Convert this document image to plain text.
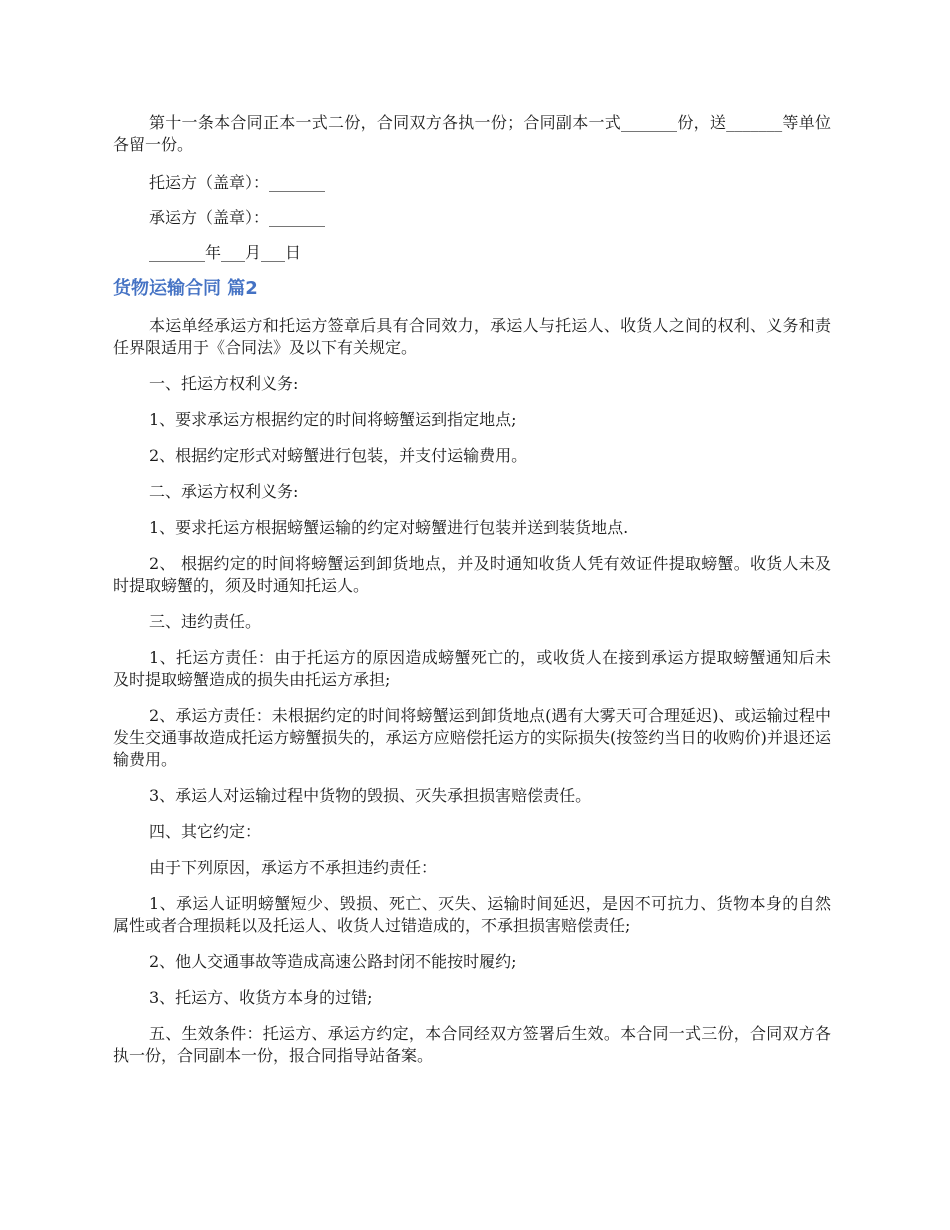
第十一条本合同正本一式二份，合同双方各执一份；合同副本一式_______份，送_______等单位各留一份。

托运方（盖章）：_______

承运方（盖章）：_______

_______年___月___日

货物运输合同 篇2

本运单经承运方和托运方签章后具有合同效力，承运人与托运人、收货人之间的权利、义务和责任界限适用于《合同法》及以下有关规定。

一、托运方权利义务:

1、要求承运方根据约定的时间将螃蟹运到指定地点;

2、根据约定形式对螃蟹进行包装，并支付运输费用。

二、承运方权利义务:

1、要求托运方根据螃蟹运输的约定对螃蟹进行包装并送到装货地点.

2、 根据约定的时间将螃蟹运到卸货地点，并及时通知收货人凭有效证件提取螃蟹。收货人未及时提取螃蟹的，须及时通知托运人。

三、违约责任。

1、托运方责任：由于托运方的原因造成螃蟹死亡的，或收货人在接到承运方提取螃蟹通知后未及时提取螃蟹造成的损失由托运方承担;

2、承运方责任：未根据约定的时间将螃蟹运到卸货地点(遇有大雾天可合理延迟)、或运输过程中发生交通事故造成托运方螃蟹损失的，承运方应赔偿托运方的实际损失(按签约当日的收购价)并退还运输费用。

3、承运人对运输过程中货物的毁损、灭失承担损害赔偿责任。

四、其它约定：

由于下列原因，承运方不承担违约责任：

1、承运人证明螃蟹短少、毁损、死亡、灭失、运输时间延迟，是因不可抗力、货物本身的自然属性或者合理损耗以及托运人、收货人过错造成的，不承担损害赔偿责任;

2、他人交通事故等造成高速公路封闭不能按时履约;

3、托运方、收货方本身的过错;

五、生效条件：托运方、承运方约定，本合同经双方签署后生效。本合同一式三份，合同双方各执一份，合同副本一份，报合同指导站备案。
